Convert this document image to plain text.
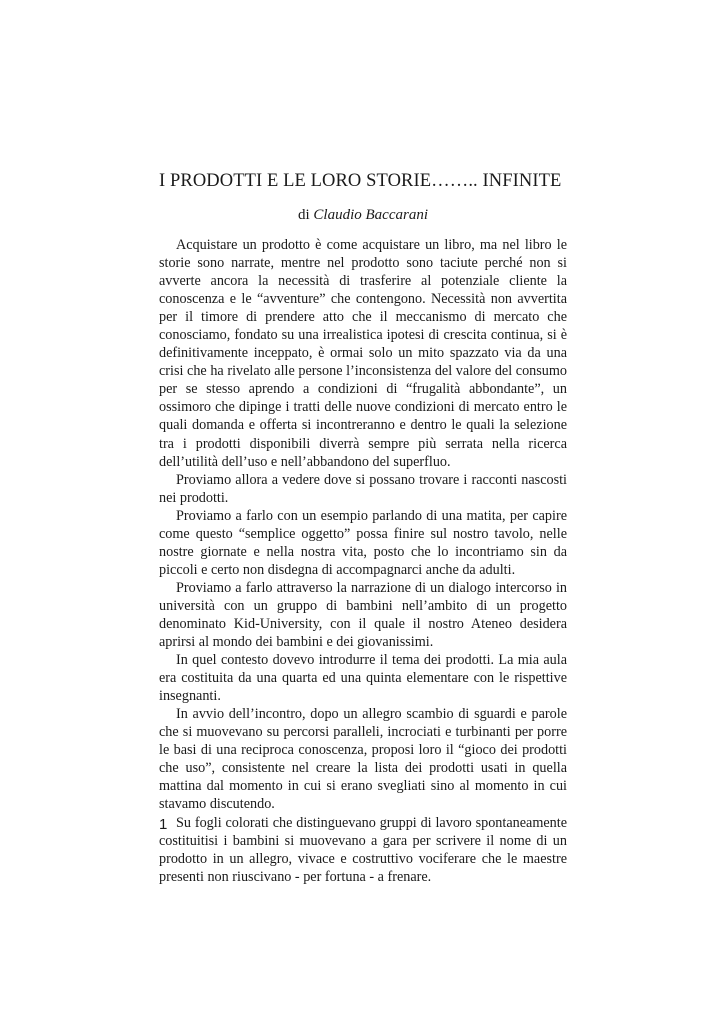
I PRODOTTI E LE LORO STORIE…….. INFINITE
di Claudio Baccarani

Acquistare un prodotto è come acquistare un libro, ma nel libro le storie sono narrate, mentre nel prodotto sono taciute perché non si avverte ancora la necessità di trasferire al potenziale cliente la conoscenza e le “avventure” che contengono. Necessità non avvertita per il timore di prendere atto che il meccanismo di mercato che conosciamo, fondato su una irrealistica ipotesi di crescita continua, si è definitivamente inceppato, è ormai solo un mito spazzato via da una crisi che ha rivelato alle persone l’inconsistenza del valore del consumo per se stesso aprendo a condizioni di “frugalità abbondante”, un ossimoro che dipinge i tratti delle nuove condizioni di mercato entro le quali domanda e offerta si incontreranno e dentro le quali la selezione tra i prodotti disponibili diverrà sempre più serrata nella ricerca dell’utilità dell’uso e nell’abbandono del superfluo.

Proviamo allora a vedere dove si possano trovare i racconti nascosti nei prodotti.

Proviamo a farlo con un esempio parlando di una matita, per capire come questo “semplice oggetto” possa finire sul nostro tavolo, nelle nostre giornate e nella nostra vita, posto che lo incontriamo sin da piccoli e certo non disdegna di accompagnarci anche da adulti.

Proviamo a farlo attraverso la narrazione di un dialogo intercorso in università con un gruppo di bambini nell’ambito di un progetto denominato Kid-University, con il quale il nostro Ateneo desidera aprirsi al mondo dei bambini e dei giovanissimi.

In quel contesto dovevo introdurre il tema dei prodotti. La mia aula era costituita da una quarta ed una quinta elementare con le rispettive insegnanti.

In avvio dell’incontro, dopo un allegro scambio di sguardi e parole che si muovevano su percorsi paralleli, incrociati e turbinanti per porre le basi di una reciproca conoscenza, proposi loro il “gioco dei prodotti che uso”, consistente nel creare la lista dei prodotti usati in quella mattina dal momento in cui si erano svegliati sino al momento in cui stavamo discutendo.

Su fogli colorati che distinguevano gruppi di lavoro spontaneamente costituitisi i bambini si muovevano a gara per scrivere il nome di un prodotto in un allegro, vivace e costruttivo vociferare che le maestre presenti non riuscivano - per fortuna - a frenare.

1
